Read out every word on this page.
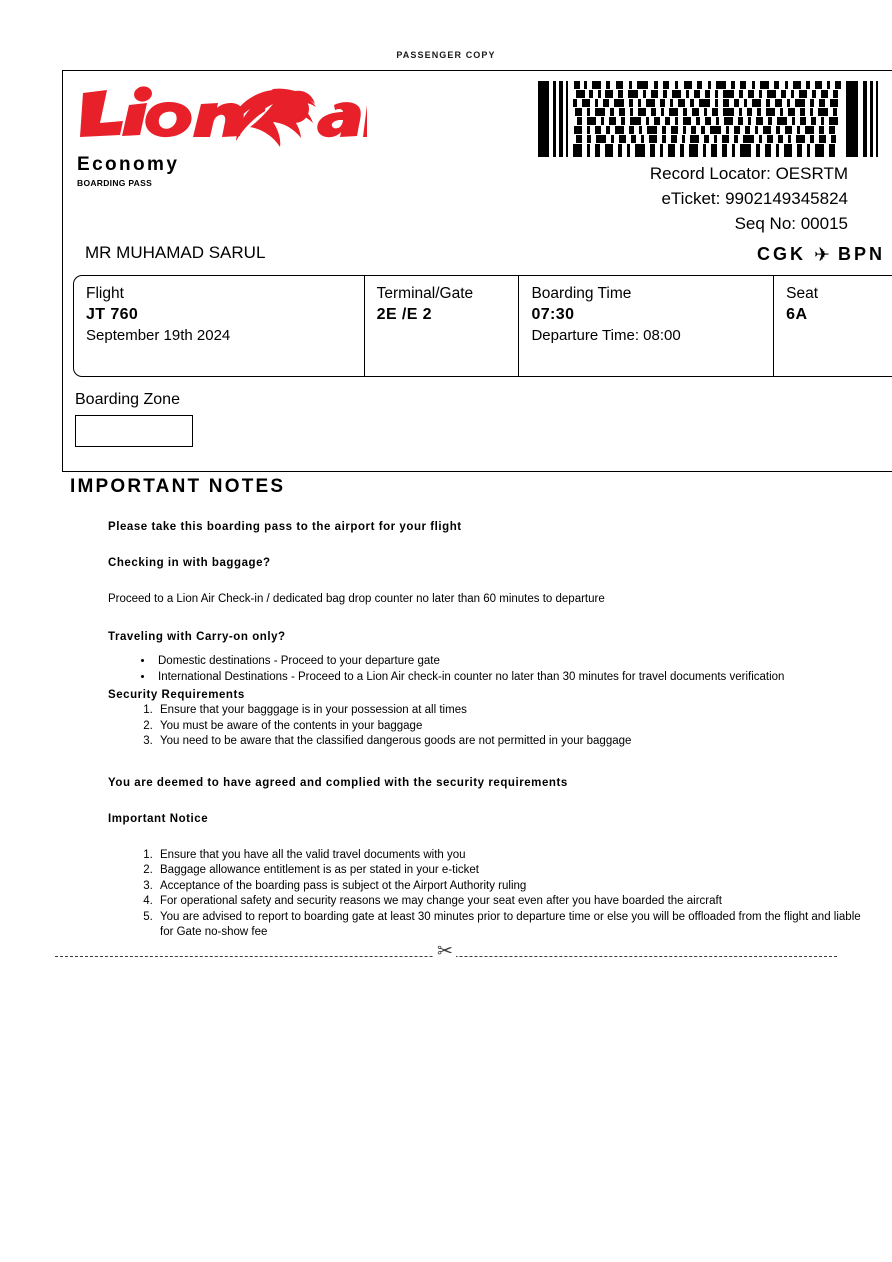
PASSENGER COPY
Economy
BOARDING PASS	Record Locator: OESRTM
eTicket: 9902149345824
Seq No: 00015
MR MUHAMAD SARUL	CGK ✈ BPN
Flight
JT 760
September 19th 2024
Terminal/Gate
2E /E 2
Boarding Time
07:30
Departure Time: 08:00
Seat
6A
Boarding Zone
IMPORTANT NOTES

Please take this boarding pass to the airport for your flight

Checking in with baggage?

Proceed to a Lion Air Check-in / dedicated bag drop counter no later than 60 minutes to departure

Traveling with Carry-on only?

• Domestic destinations - Proceed to your departure gate
• International Destinations - Proceed to a Lion Air check-in counter no later than 30 minutes for travel documents verification

Security Requirements

1. Ensure that your bagggage is in your possession at all times
2. You must be aware of the contents in your baggage
3. You need to be aware that the classified dangerous goods are not permitted in your baggage

You are deemed to have agreed and complied with the security requirements

Important Notice

1. Ensure that you have all the valid travel documents with you
2. Baggage allowance entitlement is as per stated in your e-ticket
3. Acceptance of the boarding pass is subject ot the Airport Authority ruling
4. For operational safety and security reasons we may change your seat even after you have boarded the aircraft
5. You are advised to report to boarding gate at least 30 minutes prior to departure time or else you will be offloaded from the flight and liable for Gate no-show fee
✂
